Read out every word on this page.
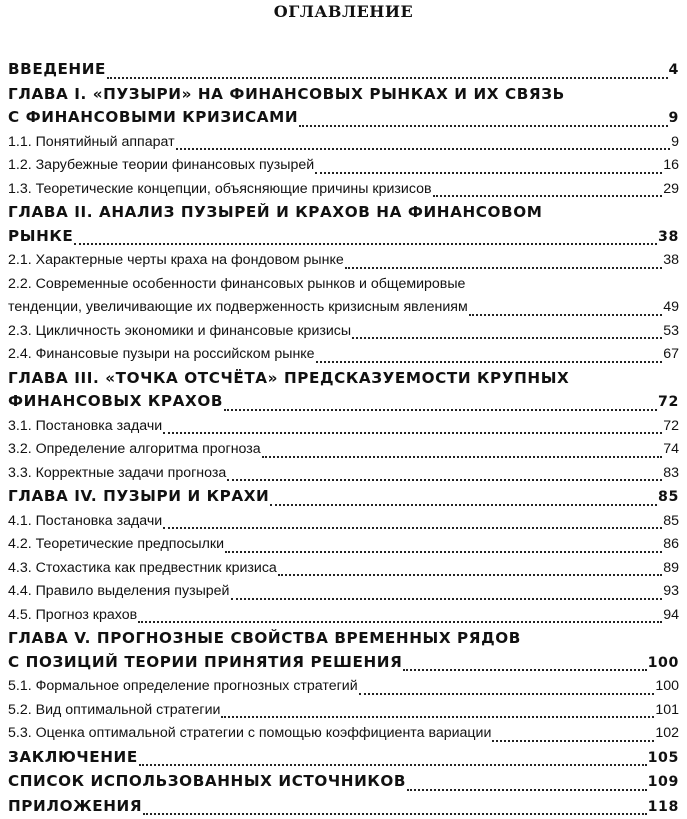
ОГЛАВЛЕНИЕ
ВВЕДЕНИЕ	4
ГЛАВА I. «ПУЗЫРИ» НА ФИНАНСОВЫХ РЫНКАХ И ИХ СВЯЗЬ
С ФИНАНСОВЫМИ КРИЗИСАМИ	9
1.1. Понятийный аппарат	9
1.2. Зарубежные теории финансовых пузырей	16
1.3. Теоретические концепции, объясняющие причины кризисов	29
ГЛАВА II. АНАЛИЗ ПУЗЫРЕЙ И КРАХОВ НА ФИНАНСОВОМ
РЫНКЕ	38
2.1. Характерные черты краха на фондовом рынке	38
2.2. Современные особенности финансовых рынков и общемировые
тенденции, увеличивающие их подверженность кризисным явлениям	49
2.3. Цикличность экономики и финансовые кризисы	53
2.4. Финансовые пузыри на российском рынке	67
ГЛАВА III. «ТОЧКА ОТСЧЁТА» ПРЕДСКАЗУЕМОСТИ КРУПНЫХ
ФИНАНСОВЫХ КРАХОВ	72
3.1. Постановка задачи	72
3.2. Определение алгоритма прогноза	74
3.3. Корректные задачи прогноза	83
ГЛАВА IV. ПУЗЫРИ И КРАХИ	85
4.1. Постановка задачи	85
4.2. Теоретические предпосылки	86
4.3. Стохастика как предвестник кризиса	89
4.4. Правило выделения пузырей	93
4.5. Прогноз крахов	94
ГЛАВА V. ПРОГНОЗНЫЕ СВОЙСТВА ВРЕМЕННЫХ РЯДОВ
С ПОЗИЦИЙ ТЕОРИИ ПРИНЯТИЯ РЕШЕНИЯ	100
5.1. Формальное определение прогнозных стратегий	100
5.2. Вид оптимальной стратегии	101
5.3. Оценка оптимальной стратегии с помощью коэффициента вариации	102
ЗАКЛЮЧЕНИЕ	105
СПИСОК ИСПОЛЬЗОВАННЫХ ИСТОЧНИКОВ	109
ПРИЛОЖЕНИЯ	118
